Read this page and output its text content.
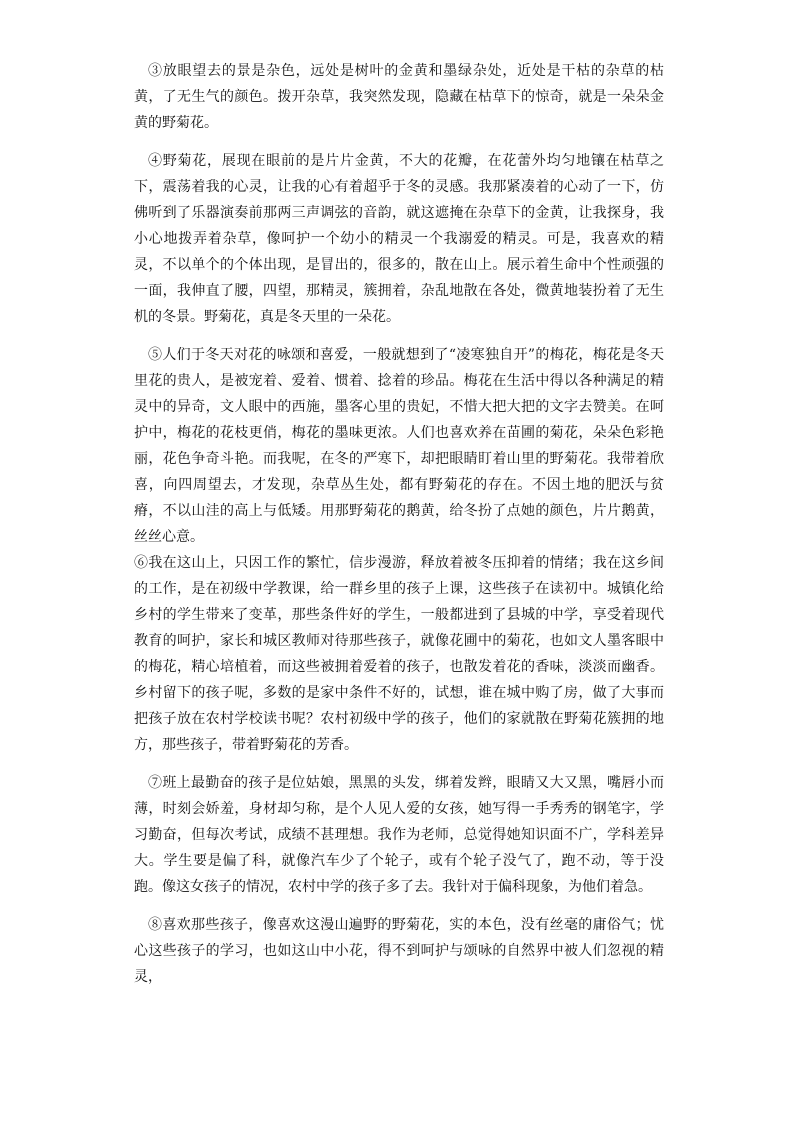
③放眼望去的景是杂色，远处是树叶的金黄和墨绿杂处，近处是干枯的杂草的枯黄，了无生气的颜色。拨开杂草，我突然发现，隐藏在枯草下的惊奇，就是一朵朵金黄的野菊花。

④野菊花，展现在眼前的是片片金黄，不大的花瓣，在花蕾外均匀地镶在枯草之下，震荡着我的心灵，让我的心有着超乎于冬的灵感。我那紧凑着的心动了一下，仿佛听到了乐器演奏前那两三声调弦的音韵，就这遮掩在杂草下的金黄，让我探身，我小心地拨弄着杂草，像呵护一个幼小的精灵一个我溺爱的精灵。可是，我喜欢的精灵，不以单个的个体出现，是冒出的，很多的，散在山上。展示着生命中个性顽强的一面，我伸直了腰，四望，那精灵，簇拥着，杂乱地散在各处，微黄地装扮着了无生机的冬景。野菊花，真是冬天里的一朵花。

⑤人们于冬天对花的咏颂和喜爱，一般就想到了“凌寒独自开”的梅花，梅花是冬天里花的贵人，是被宠着、爱着、惯着、捻着的珍品。梅花在生活中得以各种满足的精灵中的异奇，文人眼中的西施，墨客心里的贵妃，不惜大把大把的文字去赞美。在呵护中，梅花的花枝更俏，梅花的墨味更浓。人们也喜欢养在苗圃的菊花，朵朵色彩艳丽，花色争奇斗艳。而我呢，在冬的严寒下，却把眼睛盯着山里的野菊花。我带着欣喜，向四周望去，才发现，杂草丛生处，都有野菊花的存在。不因土地的肥沃与贫瘠，不以山洼的高上与低矮。用那野菊花的鹅黄，给冬扮了点她的颜色，片片鹅黄，丝丝心意。

⑥我在这山上，只因工作的繁忙，信步漫游，释放着被冬压抑着的情绪；我在这乡间的工作，是在初级中学教课，给一群乡里的孩子上课，这些孩子在读初中。城镇化给乡村的学生带来了变革，那些条件好的学生，一般都进到了县城的中学，享受着现代教育的呵护，家长和城区教师对待那些孩子，就像花圃中的菊花，也如文人墨客眼中的梅花，精心培植着，而这些被拥着爱着的孩子，也散发着花的香味，淡淡而幽香。乡村留下的孩子呢，多数的是家中条件不好的，试想，谁在城中购了房，做了大事而把孩子放在农村学校读书呢？农村初级中学的孩子，他们的家就散在野菊花簇拥的地方，那些孩子，带着野菊花的芳香。

⑦班上最勤奋的孩子是位姑娘，黑黑的头发，绑着发辫，眼睛又大又黑，嘴唇小而薄，时刻会娇羞，身材却匀称，是个人见人爱的女孩，她写得一手秀秀的钢笔字，学习勤奋，但每次考试，成绩不甚理想。我作为老师，总觉得她知识面不广，学科差异大。学生要是偏了科，就像汽车少了个轮子，或有个轮子没气了，跑不动，等于没跑。像这女孩子的情况，农村中学的孩子多了去。我针对于偏科现象，为他们着急。

⑧喜欢那些孩子，像喜欢这漫山遍野的野菊花，实的本色，没有丝毫的庸俗气；忧心这些孩子的学习，也如这山中小花，得不到呵护与颂咏的自然界中被人们忽视的精灵，
